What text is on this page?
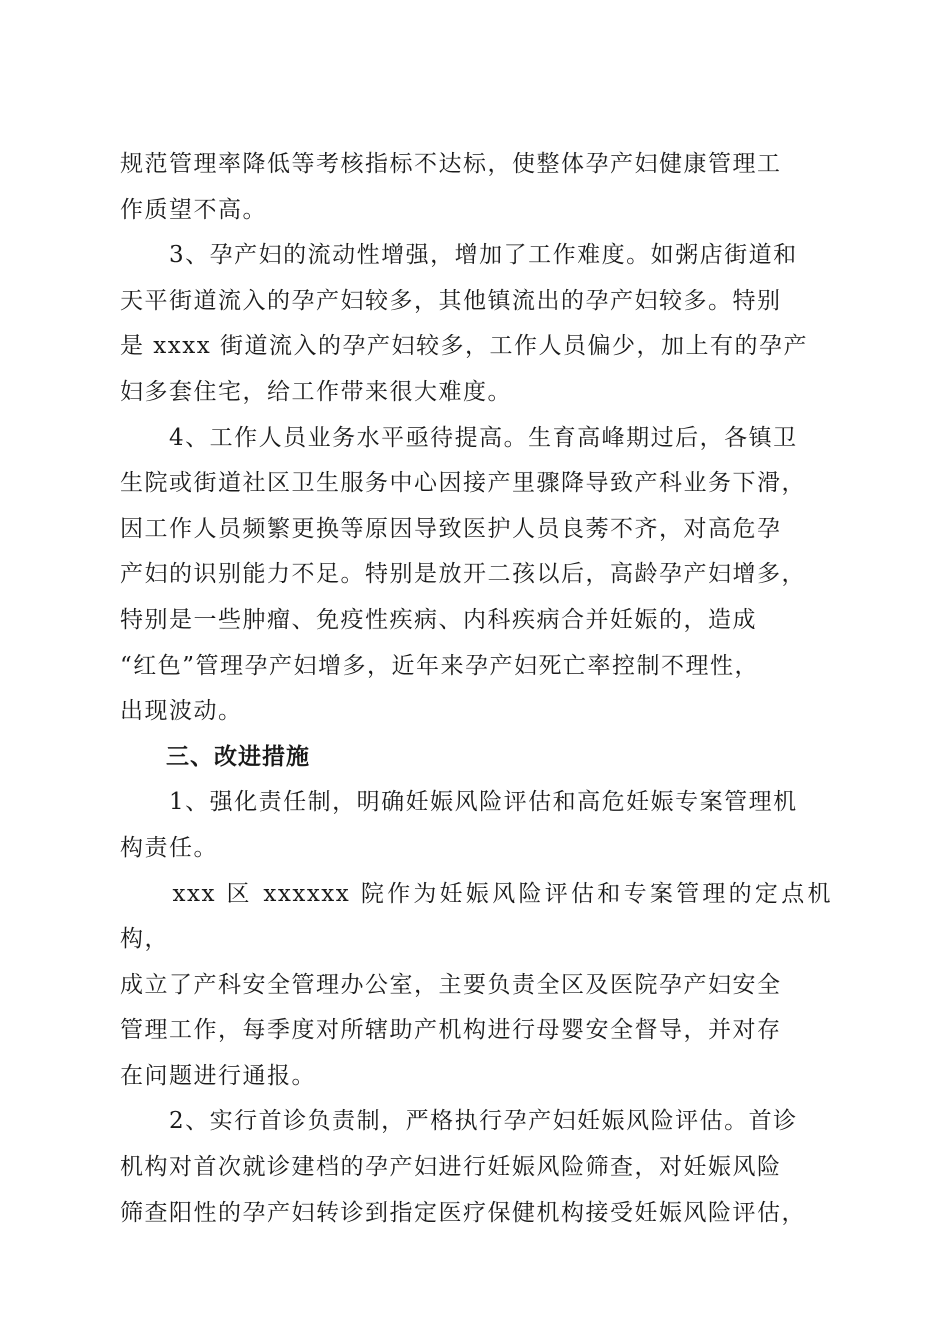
规范管理率降低等考核指标不达标，使整体孕产妇健康管理工
作质望不高。

　　3、孕产妇的流动性增强，增加了工作难度。如粥店街道和
天平街道流入的孕产妇较多，其他镇流出的孕产妇较多。特别
是 xxxx 街道流入的孕产妇较多，工作人员偏少，加上有的孕产
妇多套住宅，给工作带来很大难度。

　　4、工作人员业务水平亟待提高。生育高峰期过后，各镇卫
生院或街道社区卫生服务中心因接产里骤降导致产科业务下滑，
因工作人员频繁更换等原因导致医护人员良莠不齐，对高危孕
产妇的识别能力不足。特别是放开二孩以后，高龄孕产妇增多，
特别是一些肿瘤、免疫性疾病、内科疾病合并妊娠的，造成
“红色”管理孕产妇增多，近年来孕产妇死亡率控制不理性，
出现波动。

三、改进措施

　　1、强化责任制，明确妊娠风险评估和高危妊娠专案管理机
构责任。

　　xxx 区 xxxxxx 院作为妊娠风险评估和专案管理的定点机构，
成立了产科安全管理办公室，主要负责全区及医院孕产妇安全
管理工作，每季度对所辖助产机构进行母婴安全督导，并对存
在问题进行通报。

　　2、实行首诊负责制，严格执行孕产妇妊娠风险评估。首诊
机构对首次就诊建档的孕产妇进行妊娠风险筛查，对妊娠风险
筛查阳性的孕产妇转诊到指定医疗保健机构接受妊娠风险评估，
